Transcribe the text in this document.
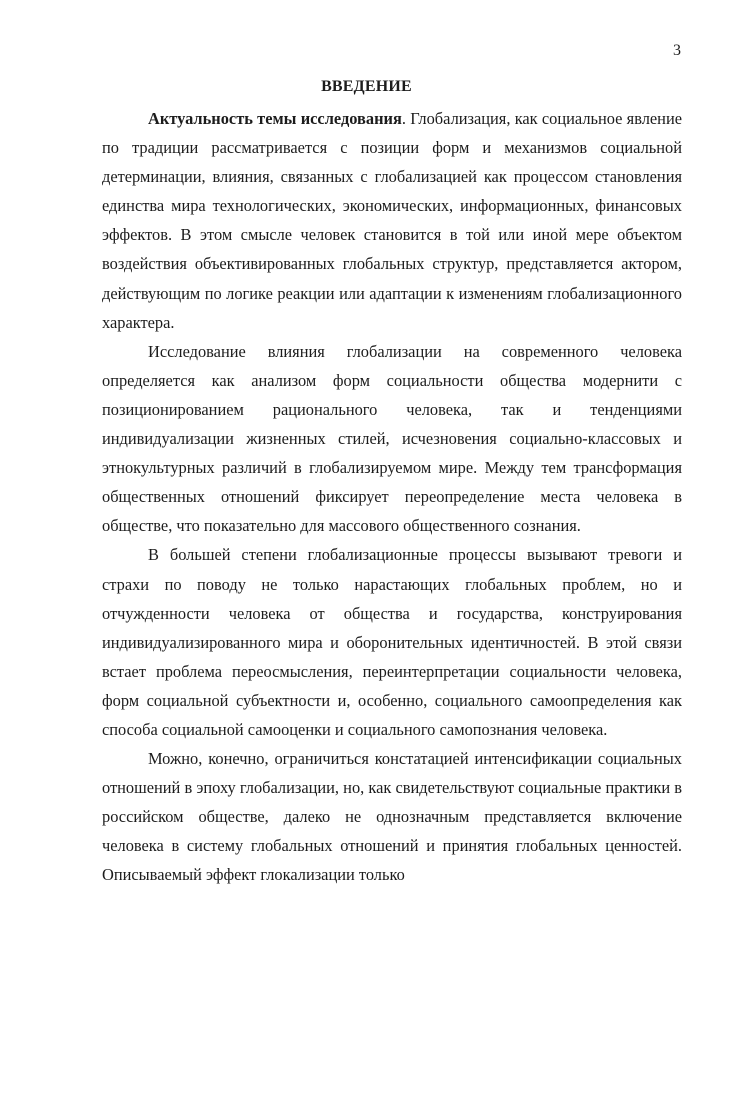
3
ВВЕДЕНИЕ

Актуальность темы исследования. Глобализация, как социальное явление по традиции рассматривается с позиции форм и механизмов социальной детерминации, влияния, связанных с глобализацией как процессом становления единства мира технологических, экономических, информационных, финансовых эффектов. В этом смысле человек становится в той или иной мере объектом воздействия объективированных глобальных структур, представляется актором, действующим по логике реакции или адаптации к изменениям глобализационного характера.

Исследование влияния глобализации на современного человека определяется как анализом форм социальности общества модернити с позиционированием рационального человека, так и тенденциями индивидуализации жизненных стилей, исчезновения социально-классовых и этнокультурных различий в глобализируемом мире. Между тем трансформация общественных отношений фиксирует переопределение места человека в обществе, что показательно для массового общественного сознания.

В большей степени глобализационные процессы вызывают тревоги и страхи по поводу не только нарастающих глобальных проблем, но и отчужденности человека от общества и государства, конструирования индивидуализированного мира и оборонительных идентичностей. В этой связи встает проблема переосмысления, переинтерпретации социальности человека, форм социальной субъектности и, особенно, социального самоопределения как способа социальной самооценки и социального самопознания человека.

Можно, конечно, ограничиться констатацией интенсификации социальных отношений в эпоху глобализации, но, как свидетельствуют социальные практики в российском обществе, далеко не однозначным представляется включение человека в систему глобальных отношений и принятия глобальных ценностей. Описываемый эффект глокализации только
